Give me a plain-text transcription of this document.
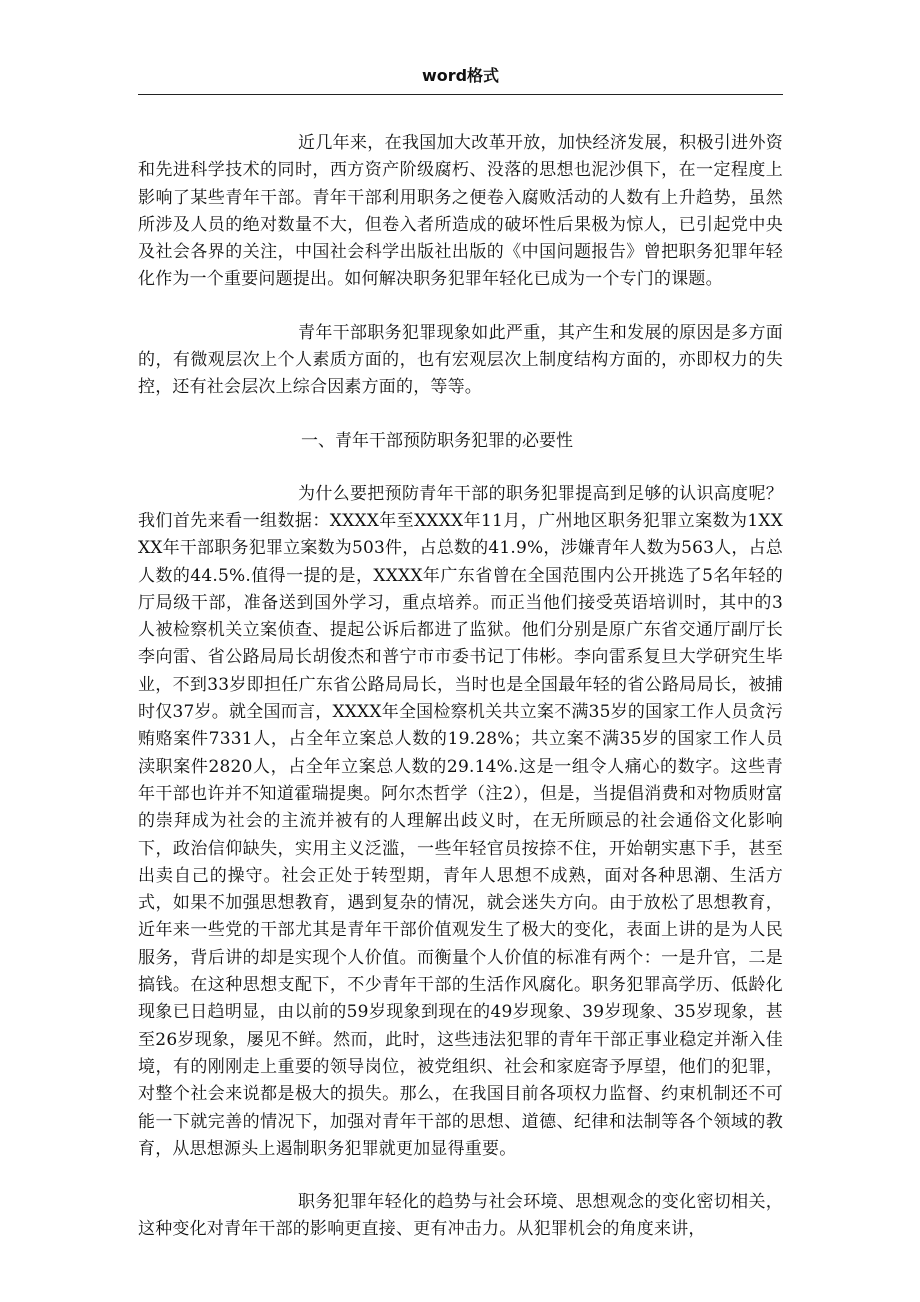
word格式

近几年来，在我国加大改革开放，加快经济发展，积极引进外资和先进科学技术的同时，西方资产阶级腐朽、没落的思想也泥沙俱下，在一定程度上影响了某些青年干部。青年干部利用职务之便卷入腐败活动的人数有上升趋势，虽然所涉及人员的绝对数量不大，但卷入者所造成的破坏性后果极为惊人，已引起党中央及社会各界的关注，中国社会科学出版社出版的《中国问题报告》曾把职务犯罪年轻化作为一个重要问题提出。如何解决职务犯罪年轻化已成为一个专门的课题。

青年干部职务犯罪现象如此严重，其产生和发展的原因是多方面的，有微观层次上个人素质方面的，也有宏观层次上制度结构方面的，亦即权力的失控，还有社会层次上综合因素方面的，等等。

一、青年干部预防职务犯罪的必要性

为什么要把预防青年干部的职务犯罪提高到足够的认识高度呢？我们首先来看一组数据：XXXX年至XXXX年11月，广州地区职务犯罪立案数为1XXXX年干部职务犯罪立案数为503件，占总数的41.9%，涉嫌青年人数为563人，占总人数的44.5%.值得一提的是，XXXX年广东省曾在全国范围内公开挑选了5名年轻的厅局级干部，准备送到国外学习，重点培养。而正当他们接受英语培训时，其中的3人被检察机关立案侦查、提起公诉后都进了监狱。他们分别是原广东省交通厅副厅长李向雷、省公路局局长胡俊杰和普宁市市委书记丁伟彬。李向雷系复旦大学研究生毕业，不到33岁即担任广东省公路局局长，当时也是全国最年轻的省公路局局长，被捕时仅37岁。就全国而言，XXXX年全国检察机关共立案不满35岁的国家工作人员贪污贿赂案件7331人，占全年立案总人数的19.28%；共立案不满35岁的国家工作人员渎职案件2820人，占全年立案总人数的29.14%.这是一组令人痛心的数字。这些青年干部也许并不知道霍瑞提奥。阿尔杰哲学（注2），但是，当提倡消费和对物质财富的崇拜成为社会的主流并被有的人理解出歧义时，在无所顾忌的社会通俗文化影响下，政治信仰缺失，实用主义泛滥，一些年轻官员按捺不住，开始朝实惠下手，甚至出卖自己的操守。社会正处于转型期，青年人思想不成熟，面对各种思潮、生活方式，如果不加强思想教育，遇到复杂的情况，就会迷失方向。由于放松了思想教育，近年来一些党的干部尤其是青年干部价值观发生了极大的变化，表面上讲的是为人民服务，背后讲的却是实现个人价值。而衡量个人价值的标准有两个：一是升官，二是搞钱。在这种思想支配下，不少青年干部的生活作风腐化。职务犯罪高学历、低龄化现象已日趋明显，由以前的59岁现象到现在的49岁现象、39岁现象、35岁现象，甚至26岁现象，屡见不鲜。然而，此时，这些违法犯罪的青年干部正事业稳定并渐入佳境，有的刚刚走上重要的领导岗位，被党组织、社会和家庭寄予厚望，他们的犯罪，对整个社会来说都是极大的损失。那么，在我国目前各项权力监督、约束机制还不可能一下就完善的情况下，加强对青年干部的思想、道德、纪律和法制等各个领域的教育，从思想源头上遏制职务犯罪就更加显得重要。

职务犯罪年轻化的趋势与社会环境、思想观念的变化密切相关，这种变化对青年干部的影响更直接、更有冲击力。从犯罪机会的角度来讲，
